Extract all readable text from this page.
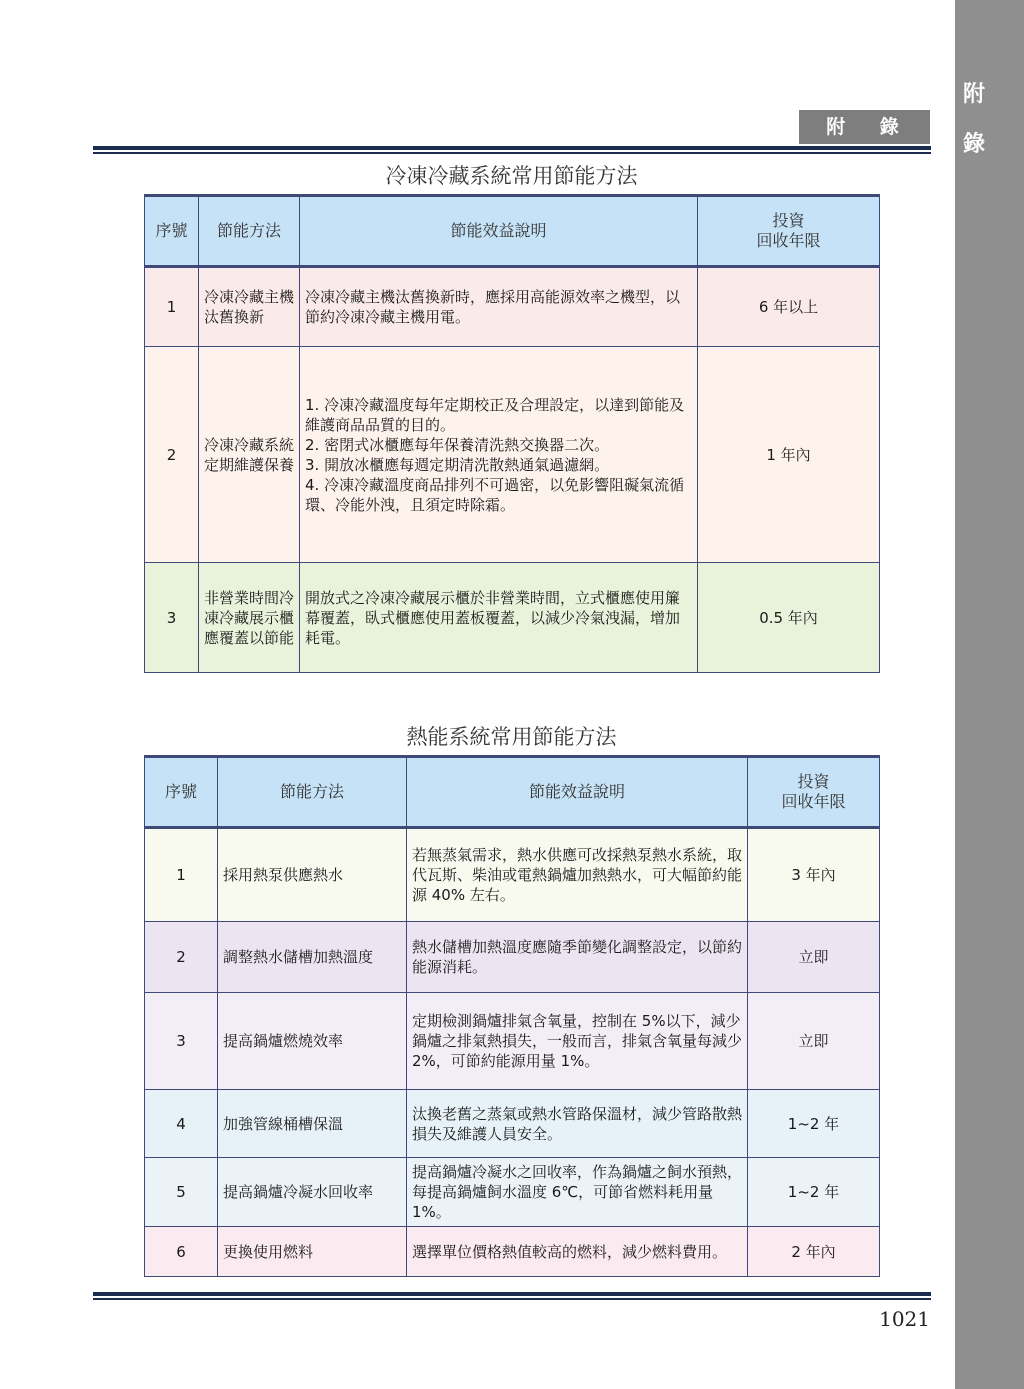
附
錄
附 錄
冷凍冷藏系統常用節能方法
序號	節能方法	節能效益說明	投資
回收年限

1	冷凍冷藏主機汰舊換新	冷凍冷藏主機汰舊換新時，應採用高能源效率之機型，以節約冷凍冷藏主機用電。	6 年以上
2	冷凍冷藏系統定期維護保養	1. 冷凍冷藏溫度每年定期校正及合理設定，以達到節能及維護商品品質的目的。
2. 密閉式冰櫃應每年保養清洗熱交換器二次。
3. 開放冰櫃應每週定期清洗散熱通氣過濾網。
4. 冷凍冷藏溫度商品排列不可過密，以免影響阻礙氣流循環、冷能外洩，且須定時除霜。	1 年內
3	非營業時間冷凍冷藏展示櫃應覆蓋以節能	開放式之冷凍冷藏展示櫃於非營業時間，立式櫃應使用簾幕覆蓋，臥式櫃應使用蓋板覆蓋，以減少冷氣洩漏，增加耗電。	0.5 年內
熱能系統常用節能方法
序號	節能方法	節能效益說明	投資
回收年限

1	採用熱泵供應熱水	若無蒸氣需求，熱水供應可改採熱泵熱水系統，取代瓦斯、柴油或電熱鍋爐加熱熱水，可大幅節約能源 40% 左右。	3 年內
2	調整熱水儲槽加熱溫度	熱水儲槽加熱溫度應隨季節變化調整設定，以節約能源消耗。	立即
3	提高鍋爐燃燒效率	定期檢測鍋爐排氣含氧量，控制在 5%以下，減少鍋爐之排氣熱損失，一般而言，排氣含氧量每減少 2%，可節約能源用量 1%。	立即
4	加強管線桶槽保溫	汰換老舊之蒸氣或熱水管路保溫材，減少管路散熱損失及維護人員安全。	1~2 年
5	提高鍋爐冷凝水回收率	提高鍋爐冷凝水之回收率，作為鍋爐之飼水預熱，每提高鍋爐飼水溫度 6℃，可節省燃料耗用量 1%。	1~2 年
6	更換使用燃料	選擇單位價格熱值較高的燃料，減少燃料費用。	2 年內
1021
